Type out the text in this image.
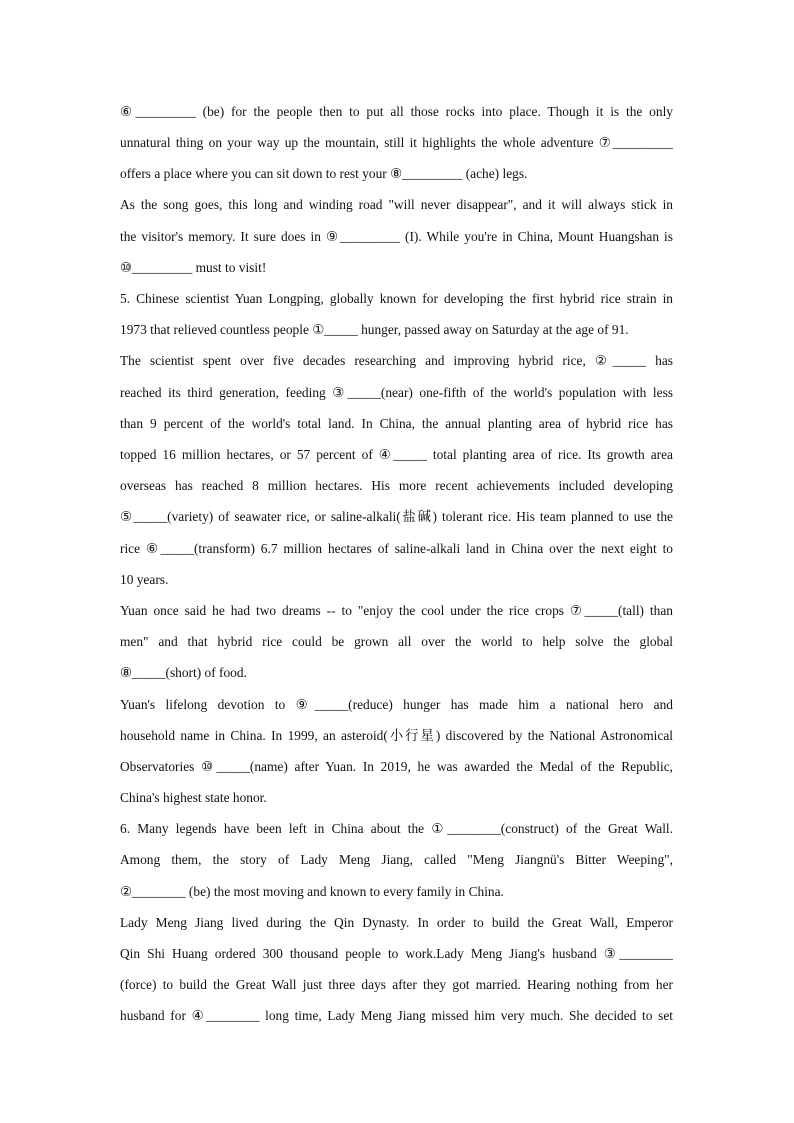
⑥_________ (be) for the people then to put all those rocks into place. Though it is the only
unnatural thing on your way up the mountain, still it highlights the whole adventure ⑦_________
offers a place where you can sit down to rest your ⑧_________ (ache) legs.
As the song goes, this long and winding road "will never disappear", and it will always stick in
the visitor's memory. It sure does in ⑨_________ (I). While you're in China, Mount Huangshan is
⑩_________ must to visit!
5. Chinese scientist Yuan Longping, globally known for developing the first hybrid rice strain in
1973 that relieved countless people ①_____ hunger, passed away on Saturday at the age of 91.
The scientist spent over five decades researching and improving hybrid rice, ②_____ has
reached its third generation, feeding ③_____(near) one-fifth of the world's population with less
than 9 percent of the world's total land. In China, the annual planting area of hybrid rice has
topped 16 million hectares, or 57 percent of ④_____ total planting area of rice. Its growth area
overseas has reached 8 million hectares. His more recent achievements included developing
⑤_____(variety) of seawater rice, or saline-alkali(盐碱) tolerant rice. His team planned to use the
rice ⑥_____(transform) 6.7 million hectares of saline-alkali land in China over the next eight to
10 years.
Yuan once said he had two dreams -- to "enjoy the cool under the rice crops ⑦_____(tall) than
men" and that hybrid rice could be grown all over the world to help solve the global
⑧_____(short) of food.
Yuan's lifelong devotion to ⑨_____(reduce) hunger has made him a national hero and
household name in China. In 1999, an asteroid(小行星) discovered by the National Astronomical
Observatories ⑩_____(name) after Yuan. In 2019, he was awarded the Medal of the Republic,
China's highest state honor.
6. Many legends have been left in China about the ①________(construct) of the Great Wall.
Among them, the story of Lady Meng Jiang, called "Meng Jiangnü's Bitter Weeping",
②________ (be) the most moving and known to every family in China.
Lady Meng Jiang lived during the Qin Dynasty. In order to build the Great Wall, Emperor
Qin Shi Huang ordered 300 thousand people to work.Lady Meng Jiang's husband ③________
(force) to build the Great Wall just three days after they got married. Hearing nothing from her
husband for ④________ long time, Lady Meng Jiang missed him very much. She decided to set
